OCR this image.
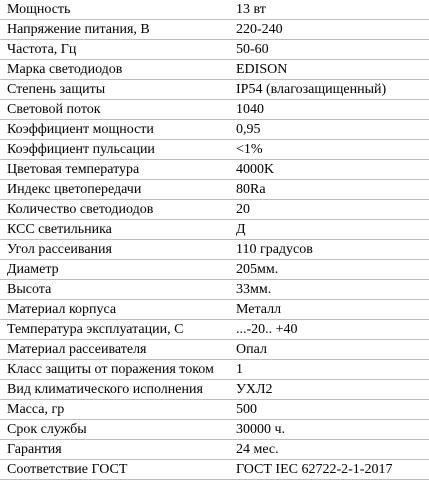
Мощность	13 вт
Напряжение питания, В	220-240
Частота, Гц	50-60
Марка светодиодов	EDISON
Степень защиты	IP54 (влагозащищенный)
Световой поток	1040
Коэффициент мощности	0,95
Коэффициент пульсации	<1%
Цветовая температура	4000K
Индекс цветопередачи	80Ra
Количество светодиодов	20
КСС светильника	Д
Угол рассеивания	110 градусов
Диаметр	205мм.
Высота	33мм.
Материал корпуса	Металл
Температура эксплуатации, С	...-20.. +40
Материал рассеивателя	Опал
Класс защиты от поражения током	1
Вид климатического исполнения	УХЛ2
Масса, гр	500
Срок службы	30000 ч.
Гарантия	24 мес.
Соответствие ГОСТ	ГОСТ IEC 62722-2-1-2017
